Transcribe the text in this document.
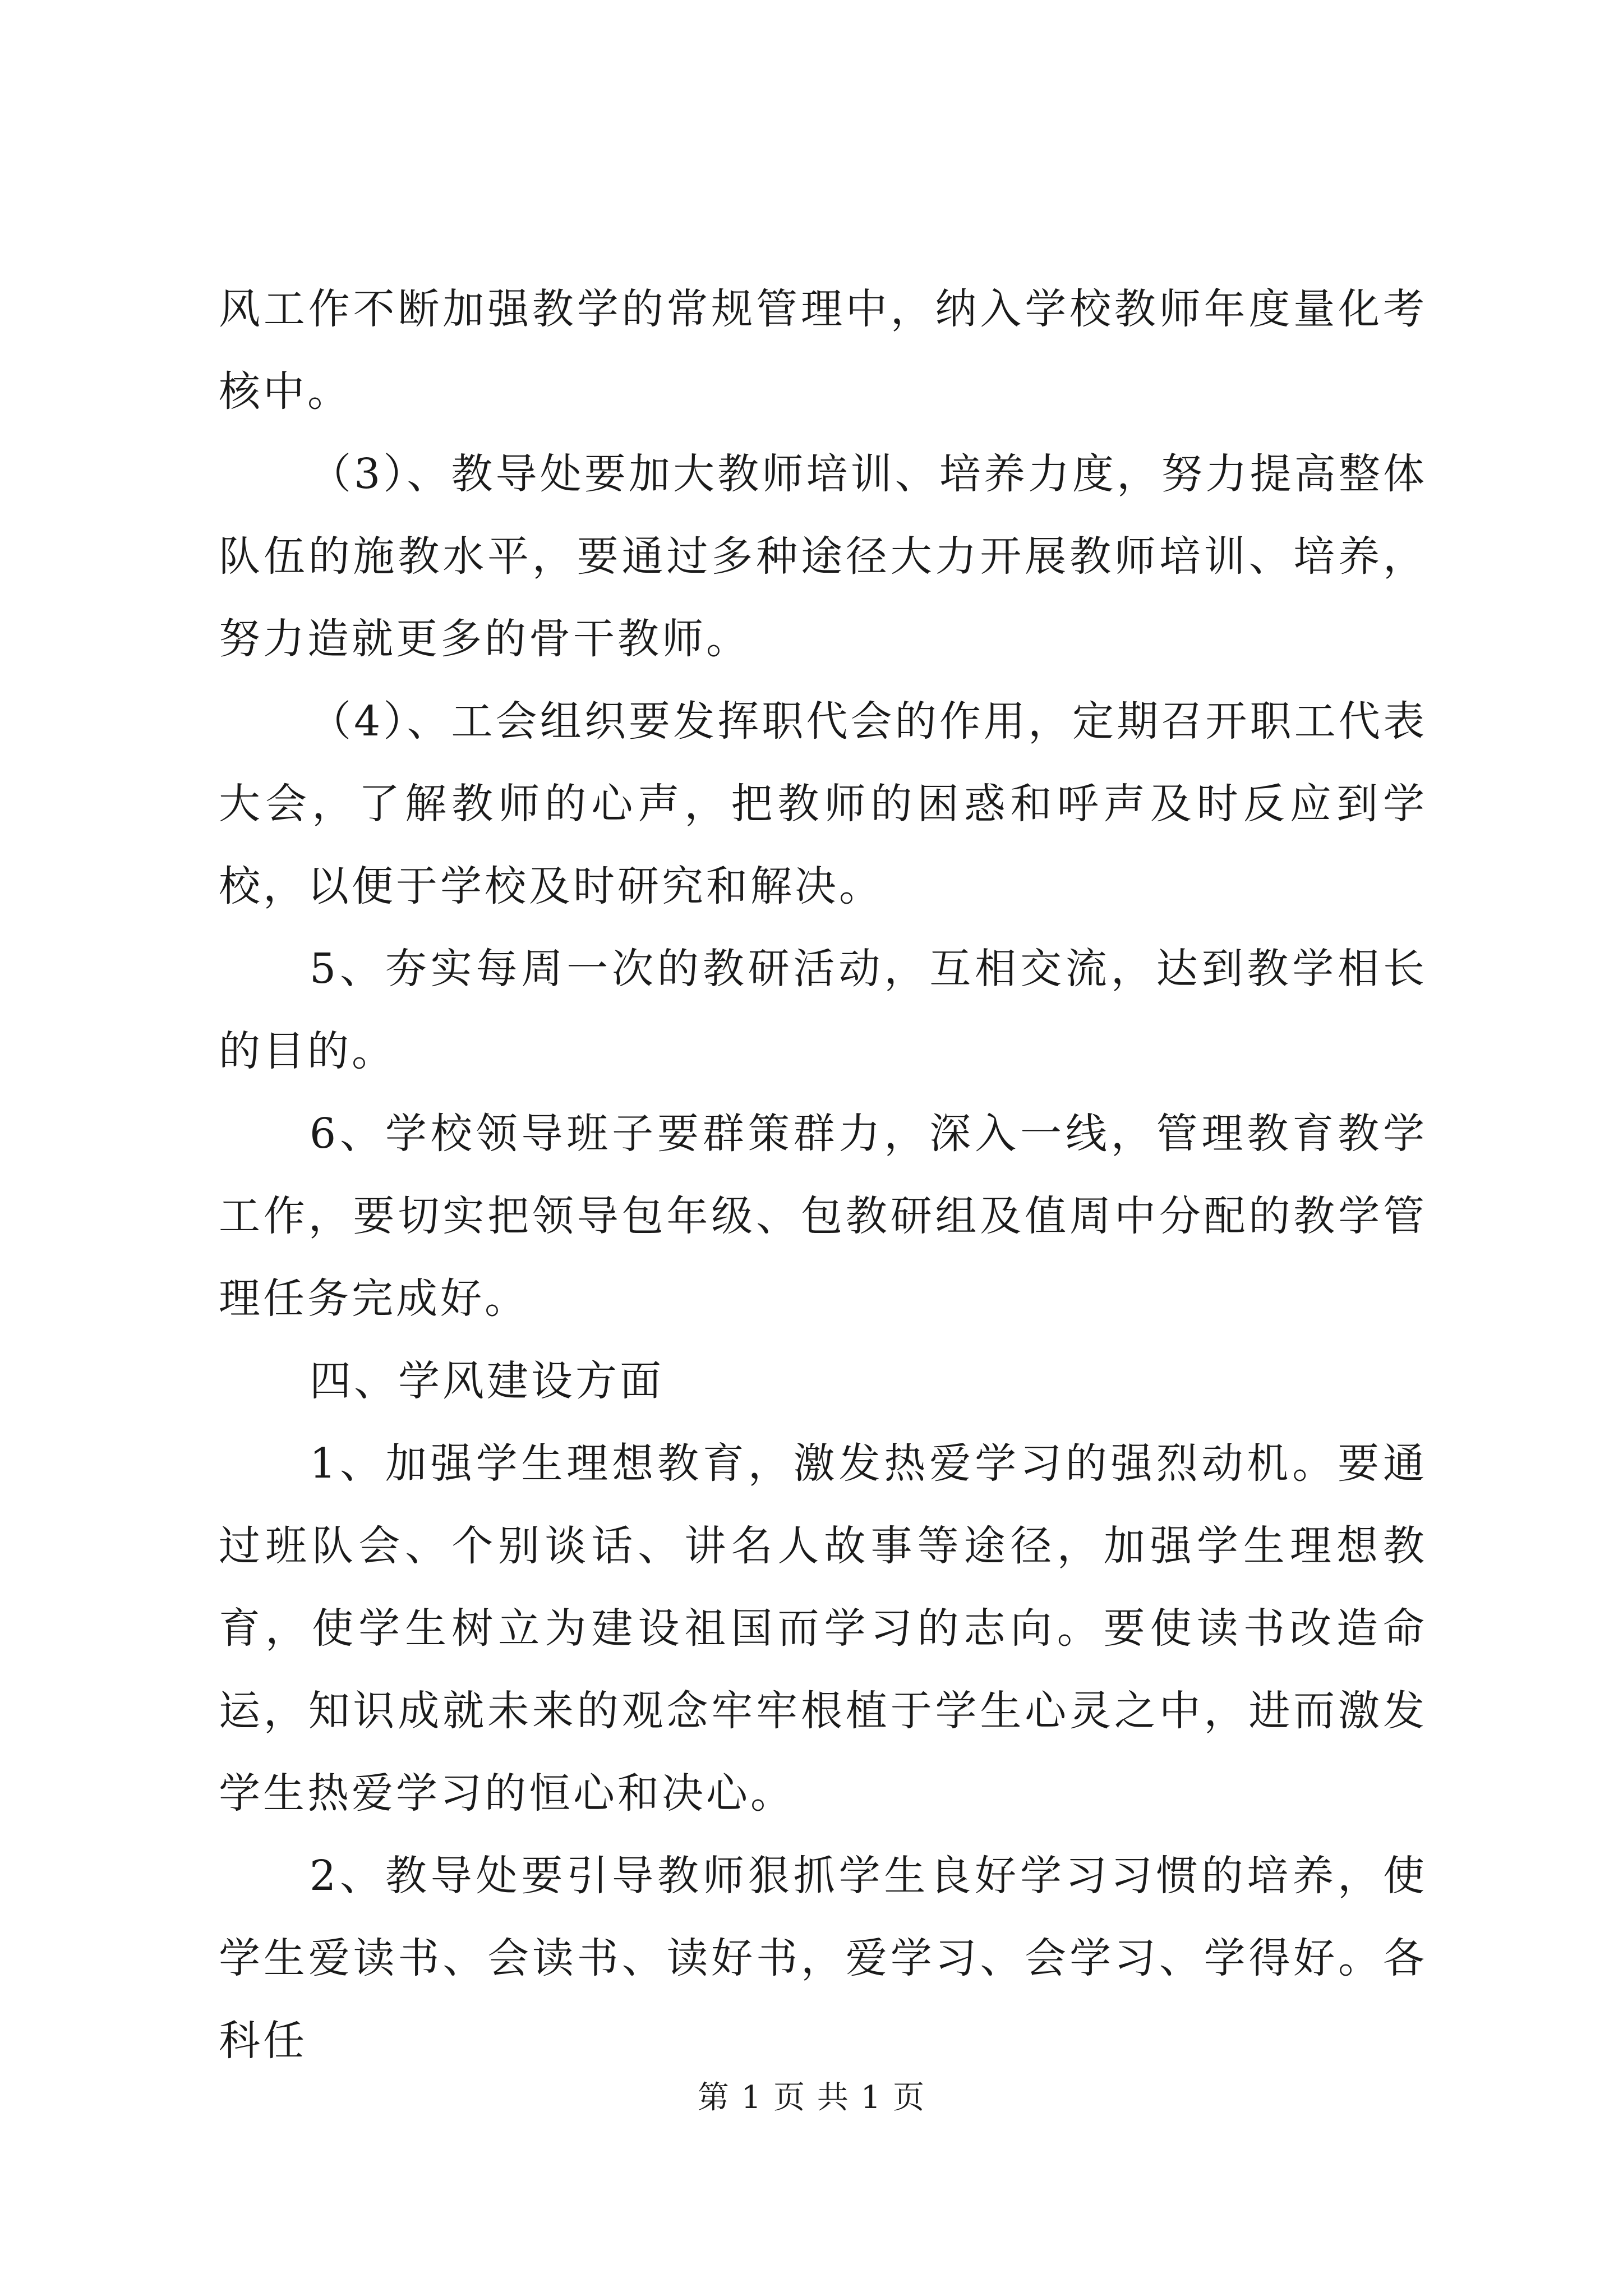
风工作不断加强教学的常规管理中，纳入学校教师年度量化考核中。

（3）、教导处要加大教师培训、培养力度，努力提高整体队伍的施教水平，要通过多种途径大力开展教师培训、培养，努力造就更多的骨干教师。

（4）、工会组织要发挥职代会的作用，定期召开职工代表大会，了解教师的心声，把教师的困惑和呼声及时反应到学校，以便于学校及时研究和解决。

5、夯实每周一次的教研活动，互相交流，达到教学相长的目的。

6、学校领导班子要群策群力，深入一线，管理教育教学工作，要切实把领导包年级、包教研组及值周中分配的教学管理任务完成好。

四、学风建设方面

1、加强学生理想教育，激发热爱学习的强烈动机。要通过班队会、个别谈话、讲名人故事等途径，加强学生理想教育，使学生树立为建设祖国而学习的志向。要使读书改造命运，知识成就未来的观念牢牢根植于学生心灵之中，进而激发学生热爱学习的恒心和决心。

2、教导处要引导教师狠抓学生良好学习习惯的培养，使学生爱读书、会读书、读好书，爱学习、会学习、学得好。各科任

第 1 页 共 1 页
